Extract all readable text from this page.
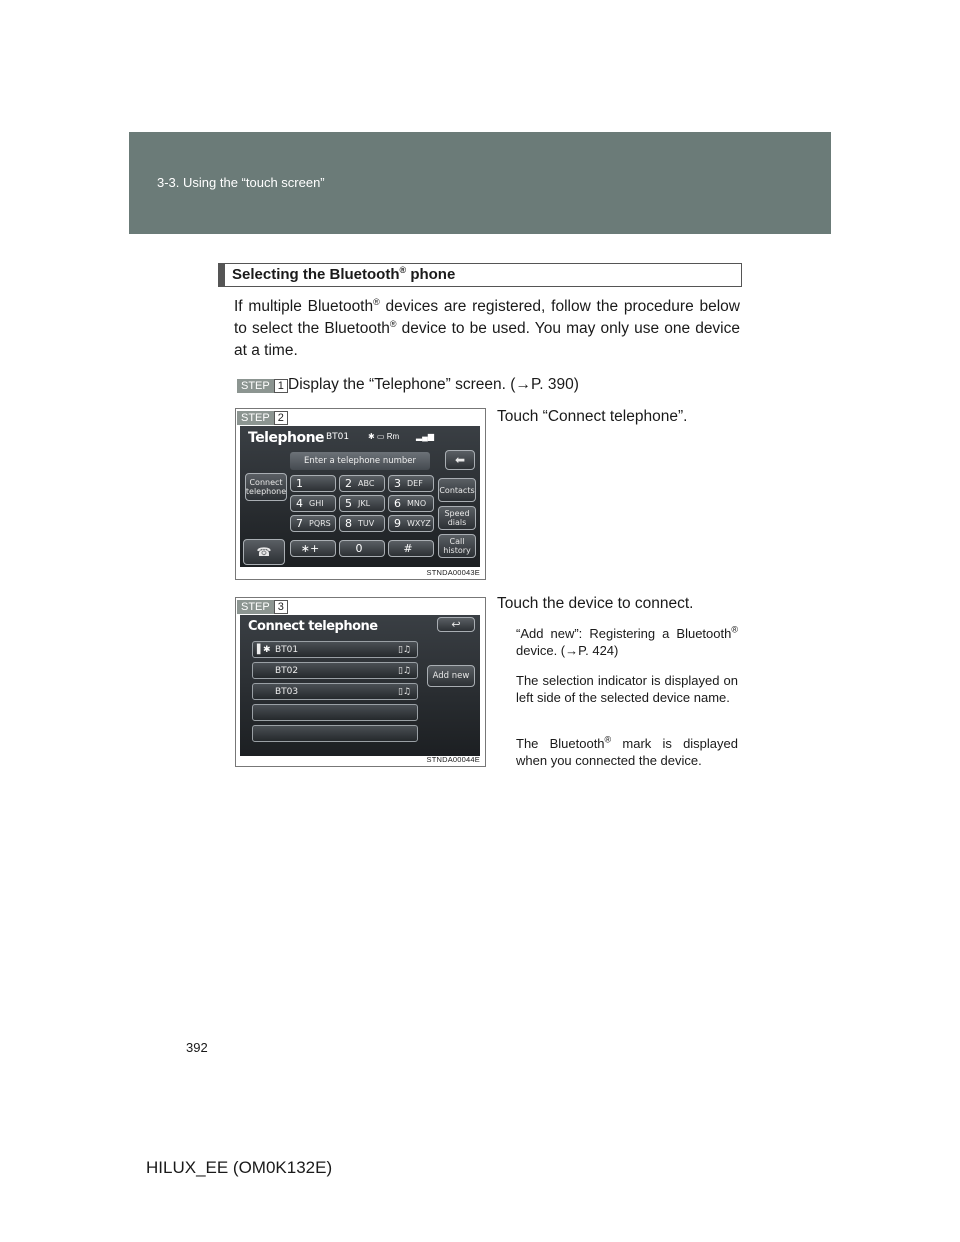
3-3. Using the “touch screen”
Selecting the Bluetooth® phone
If multiple Bluetooth® devices are registered, follow the procedure below to select the Bluetooth® device to be used. You may only use one device at a time.
STEP 1 Display the “Telephone” screen. (→P. 390)
STEP 2
Telephone BT01 ✱ ▭ Rm ▂▄▆
Enter a telephone number	⬅
Connect telephone
1	2 ABC 3 DEF
4 GHI 5 JKL 6 MNO
7 PQRS 8 TUV 9 WXYZ
∗+	0	#
Contacts
Speed dials
Call history
☎
STNDA00043E
Touch “Connect telephone”.
STEP 3
Connect telephone	↩
▌ ✱ BT01	▯♫
BT02	▯♫
BT03	▯♫
Add new
STNDA00044E
Touch the device to connect.
“Add new”: Registering a Bluetooth® device. (→P. 424)
The selection indicator is displayed on left side of the selected device name.
The Bluetooth® mark is displayed when you connected the device.
392
HILUX_EE (OM0K132E)
